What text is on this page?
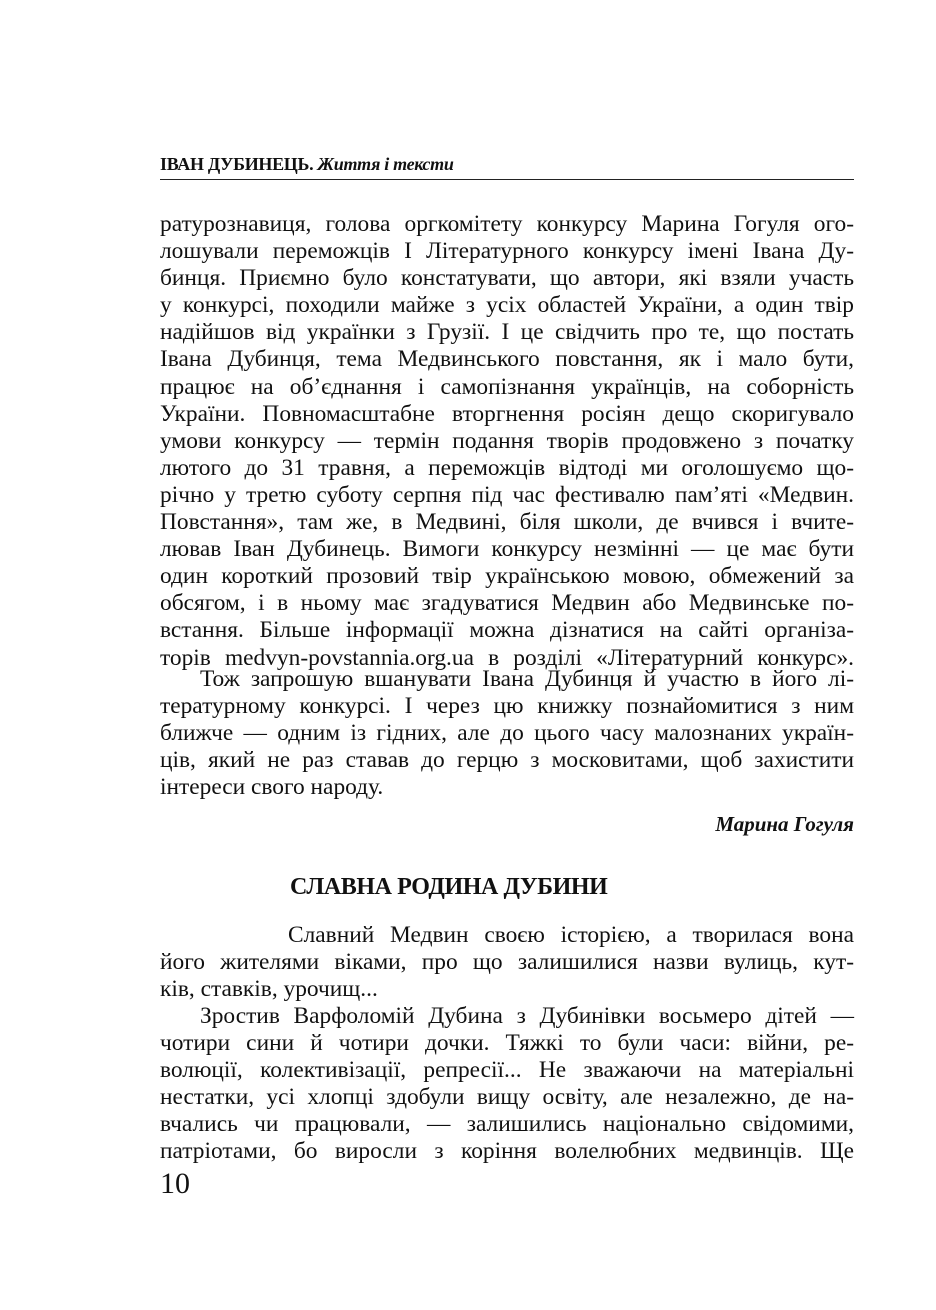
ІВАН ДУБИНЕЦЬ. Життя і тексти
ратурознавиця, голова оргкомітету конкурсу Марина Гогуля ого-
лошували переможців І Літературного конкурсу імені Івана Ду-
бинця. Приємно було констатувати, що автори, які взяли участь
у конкурсі, походили майже з усіх областей України, а один твір
надійшов від українки з Грузії. І це свідчить про те, що постать
Івана Дубинця, тема Медвинського повстання, як і мало бути,
працює на об’єднання і самопізнання українців, на соборність
України. Повномасштабне вторгнення росіян дещо скоригувало
умови конкурсу — термін подання творів продовжено з початку
лютого до 31 травня, а переможців відтоді ми оголошуємо що-
річно у третю суботу серпня під час фестивалю пам’яті «Медвин.
Повстання», там же, в Медвині, біля школи, де вчився і вчите-
лював Іван Дубинець. Вимоги конкурсу незмінні — це має бути
один короткий прозовий твір українською мовою, обмежений за
обсягом, і в ньому має згадуватися Медвин або Медвинське по-
встання. Більше інформації можна дізнатися на сайті організа-
торів medvyn-povstannia.org.ua в розділі «Літературний конкурс».
Тож запрошую вшанувати Івана Дубинця й участю в його лі-
тературному конкурсі. І через цю книжку познайомитися з ним
ближче — одним із гідних, але до цього часу малознаних україн-
ців, який не раз ставав до герцю з московитами, щоб захистити
інтереси свого народу.
Марина Гогуля
СЛАВНА РОДИНА ДУБИНИ
Славний Медвин своєю історією, а творилася вона
його жителями віками, про що залишилися назви вулиць, кут-
ків, ставків, урочищ...
Зростив Варфоломій Дубина з Дубинівки восьмеро дітей —
чотири сини й чотири дочки. Тяжкі то були часи: війни, ре-
волюції, колективізації, репресії... Не зважаючи на матеріальні
нестатки, усі хлопці здобули вищу освіту, але незалежно, де на-
вчались чи працювали, — залишились національно свідомими,
патріотами, бо виросли з коріння волелюбних медвинців. Ще
10
